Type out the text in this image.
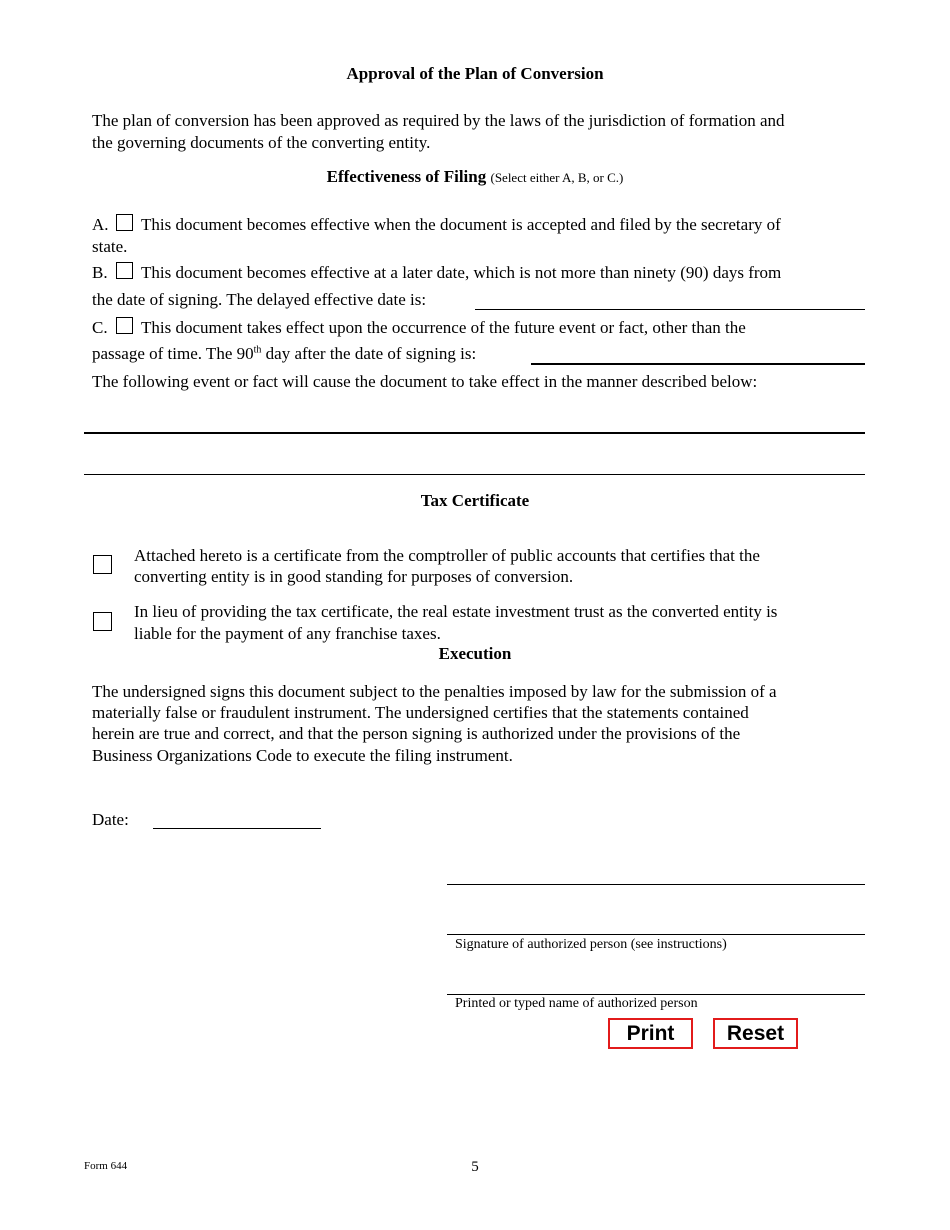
Approval of the Plan of Conversion
The plan of conversion has been approved as required by the laws of the jurisdiction of formation and
the governing documents of the converting entity.
Effectiveness of Filing (Select either A, B, or C.)
A. This document becomes effective when the document is accepted and filed by the secretary of
state.
B. This document becomes effective at a later date, which is not more than ninety (90) days from
the date of signing. The delayed effective date is:
C. This document takes effect upon the occurrence of the future event or fact, other than the
passage of time. The 90th day after the date of signing is:
The following event or fact will cause the document to take effect in the manner described below:
Tax Certificate
Attached hereto is a certificate from the comptroller of public accounts that certifies that the
converting entity is in good standing for purposes of conversion.
In lieu of providing the tax certificate, the real estate investment trust as the converted entity is
liable for the payment of any franchise taxes.
Execution
The undersigned signs this document subject to the penalties imposed by law for the submission of a
materially false or fraudulent instrument. The undersigned certifies that the statements contained
herein are true and correct, and that the person signing is authorized under the provisions of the
Business Organizations Code to execute the filing instrument.
Date:
Signature of authorized person (see instructions)
Printed or typed name of authorized person
Print	Reset
Form 644	5
